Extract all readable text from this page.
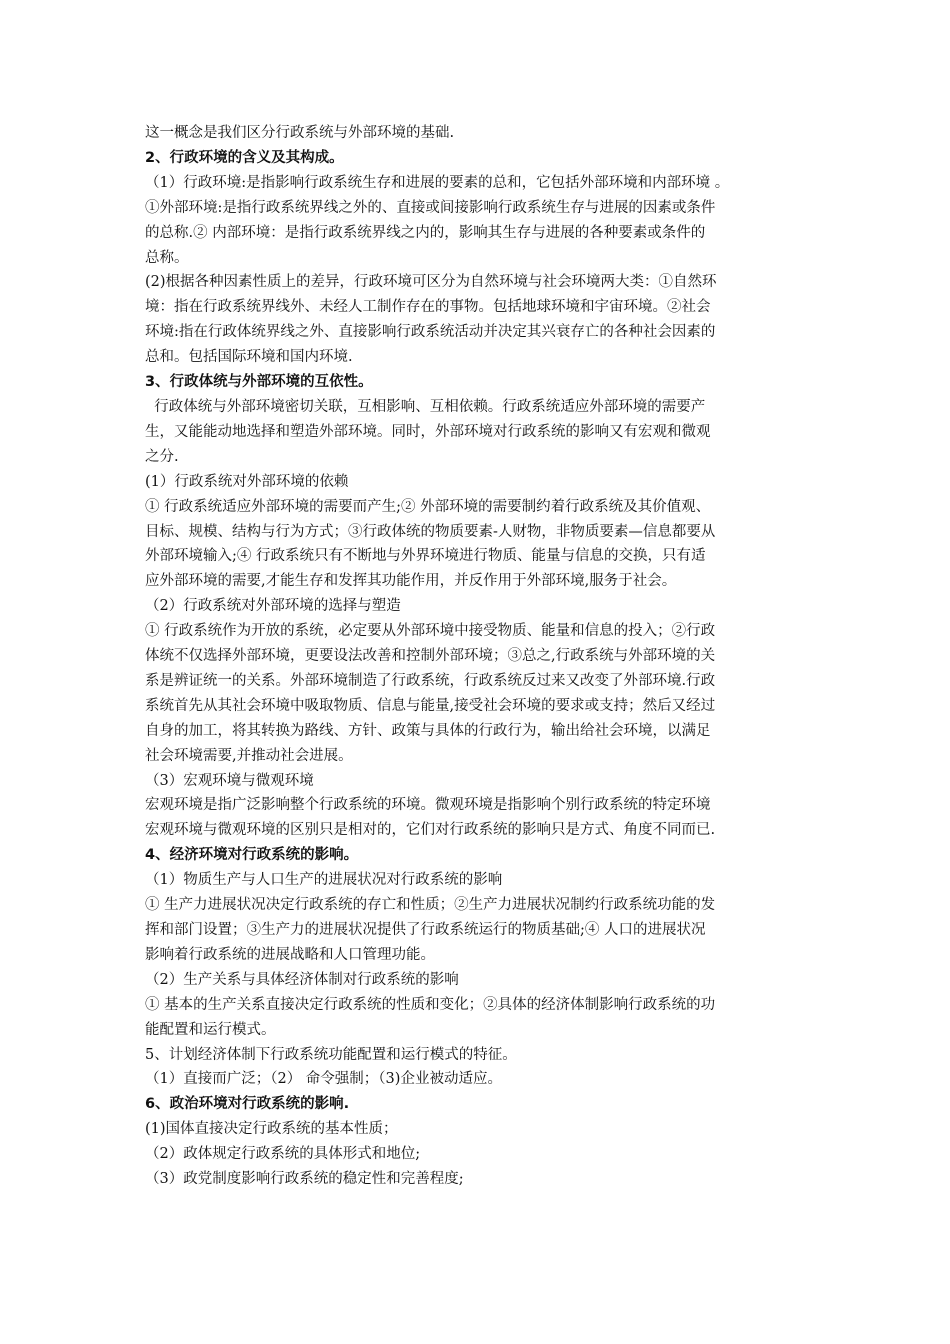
这一概念是我们区分行政系统与外部环境的基础.

2、行政环境的含义及其构成。

（1）行政环境:是指影响行政系统生存和进展的要素的总和，它包括外部环境和内部环境 。

①外部环境:是指行政系统界线之外的、直接或间接影响行政系统生存与进展的因素或条件

的总称.② 内部环境：是指行政系统界线之内的，影响其生存与进展的各种要素或条件的

总称。

(2)根据各种因素性质上的差异，行政环境可区分为自然环境与社会环境两大类：①自然环

境：指在行政系统界线外、未经人工制作存在的事物。包括地球环境和宇宙环境。②社会

环境:指在行政体统界线之外、直接影响行政系统活动并决定其兴衰存亡的各种社会因素的

总和。包括国际环境和国内环境.

3、行政体统与外部环境的互依性。

行政体统与外部环境密切关联，互相影响、互相依赖。行政系统适应外部环境的需要产

生，又能能动地选择和塑造外部环境。同时，外部环境对行政系统的影响又有宏观和微观

之分.

(1）行政系统对外部环境的依赖

① 行政系统适应外部环境的需要而产生;② 外部环境的需要制约着行政系统及其价值观、

目标、规模、结构与行为方式；③行政体统的物质要素-人财物，非物质要素—信息都要从

外部环境输入;④ 行政系统只有不断地与外界环境进行物质、能量与信息的交换，只有适

应外部环境的需要,才能生存和发挥其功能作用，并反作用于外部环境,服务于社会。

（2）行政系统对外部环境的选择与塑造

① 行政系统作为开放的系统，必定要从外部环境中接受物质、能量和信息的投入；②行政

体统不仅选择外部环境，更要设法改善和控制外部环境；③总之,行政系统与外部环境的关

系是辨证统一的关系。外部环境制造了行政系统，行政系统反过来又改变了外部环境.行政

系统首先从其社会环境中吸取物质、信息与能量,接受社会环境的要求或支持；然后又经过

自身的加工，将其转换为路线、方针、政策与具体的行政行为，输出给社会环境，以满足

社会环境需要,并推动社会进展。

（3）宏观环境与微观环境

宏观环境是指广泛影响整个行政系统的环境。微观环境是指影响个别行政系统的特定环境

宏观环境与微观环境的区别只是相对的，它们对行政系统的影响只是方式、角度不同而已.

4、经济环境对行政系统的影响。

（1）物质生产与人口生产的进展状况对行政系统的影响

① 生产力进展状况决定行政系统的存亡和性质；②生产力进展状况制约行政系统功能的发

挥和部门设置；③生产力的进展状况提供了行政系统运行的物质基础;④ 人口的进展状况

影响着行政系统的进展战略和人口管理功能。

（2）生产关系与具体经济体制对行政系统的影响

① 基本的生产关系直接决定行政系统的性质和变化；②具体的经济体制影响行政系统的功

能配置和运行模式。

5、计划经济体制下行政系统功能配置和运行模式的特征。

（1）直接而广泛；（2） 命令强制；（3)企业被动适应。

6、政治环境对行政系统的影响.

(1)国体直接决定行政系统的基本性质；

（2）政体规定行政系统的具体形式和地位;

（3）政党制度影响行政系统的稳定性和完善程度;
